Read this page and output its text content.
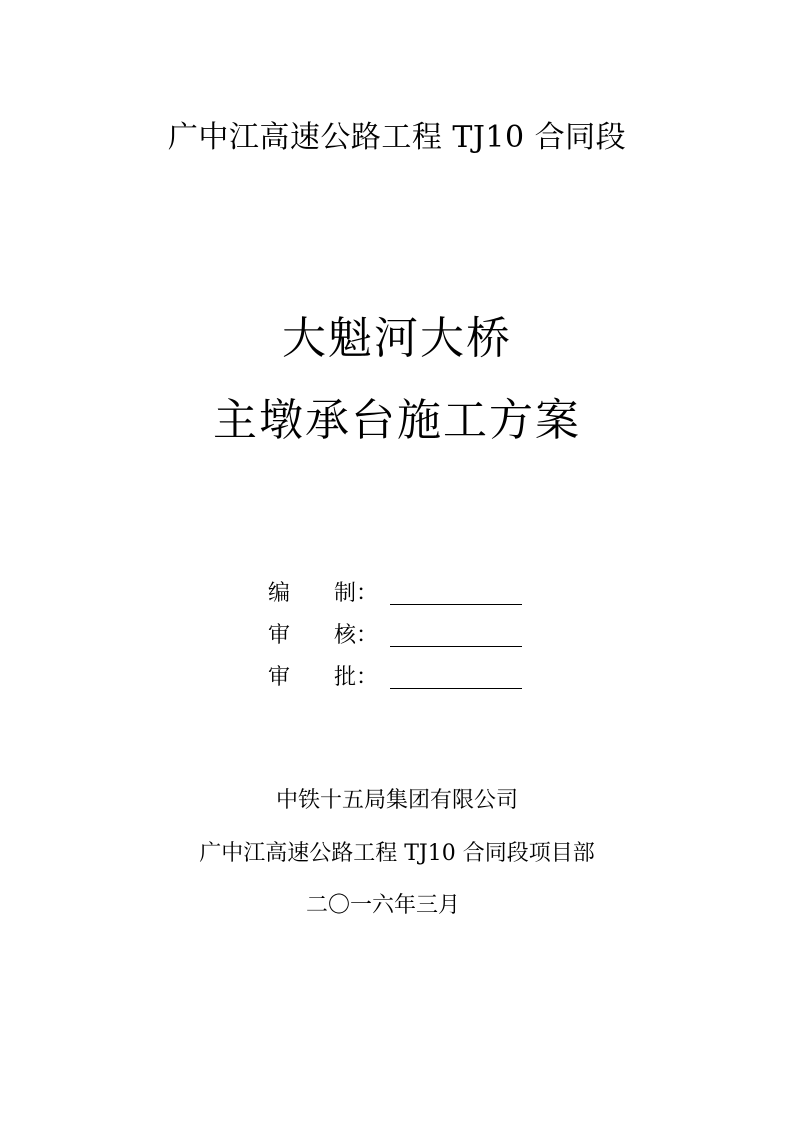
广中江高速公路工程 TJ10 合同段
大魁河大桥
主墩承台施工方案
编　　制：
审　　核：
审　　批：
中铁十五局集团有限公司
广中江高速公路工程 TJ10 合同段项目部
二〇一六年三月
